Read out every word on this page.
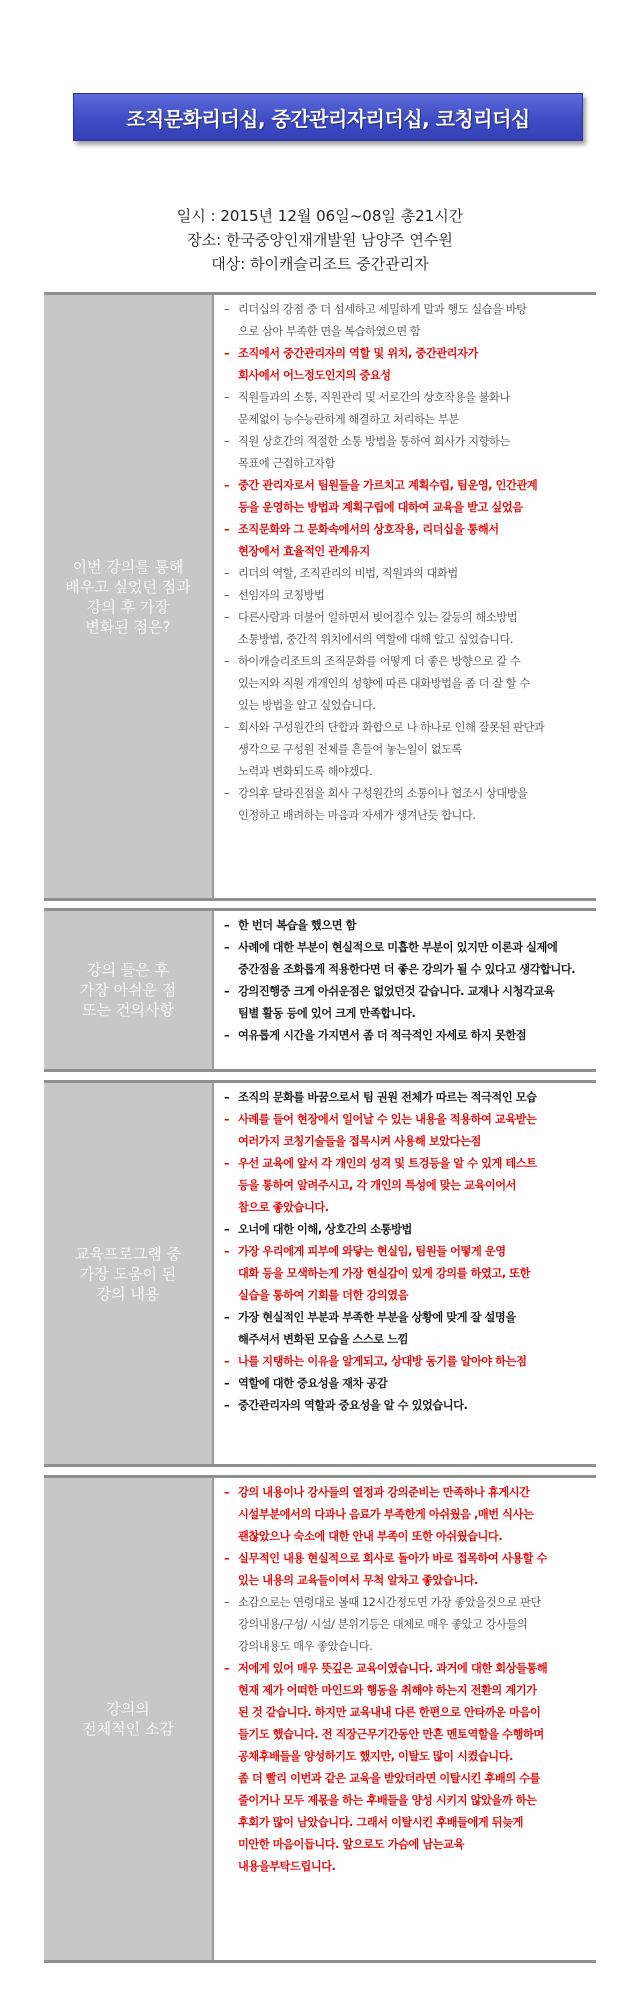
조직문화리더십, 중간관리자리더십, 코칭리더십
일시 : 2015년 12월 06일~08일 총21시간
장소: 한국중앙인재개발원 남양주 연수원
대상: 하이캐슬리조트 중간관리자
이번 강의를 통해
배우고 싶었던 점과
강의 후 가장
변화된 점은?
– 리더십의 강점 중 더 섬세하고 세밀하게 말과 행도 실습을 바탕
으로 삼아 부족한 면을 복습하였으면 함
– 조직에서 중간관리자의 역할 및 위치, 중간관리자가
회사에서 어느정도인지의 중요성
– 직원들과의 소통, 직원관리 및 서로간의 상호작용을 불화나
문제없이 능수능란하게 해결하고 처리하는 부분
– 직원 상호간의 적절한 소통 방법을 통하여 회사가 지향하는
목표에 근접하고자함
– 중간 관리자로서 팀원들을 가르치고 계획수립, 팀운영, 인간관계
등을 운영하는 방법과 계획구립에 대하여 교육을 받고 싶었음
– 조직문화와 그 문화속에서의 상호작용, 리더십을 통해서
현장에서 효율적인 관계유지
– 리더의 역할, 조직관리의 비법, 직원과의 대화법
– 선임자의 코칭방법
– 다른사람과 더불어 일하면서 빚어질수 있는 갈등의 해소방법
소통방법, 중간적 위치에서의 역할에 대해 알고 싶었습니다.
– 하이캐슬리조트의 조직문화를 어떻게 더 좋은 방향으로 갈 수
있는지와 직원 개개인의 성향에 따른 대화방법을 좀 더 잘 할 수
있는 방법을 알고 싶었습니다.
– 회사와 구성원간의 단합과 화합으로 나 하나로 인해 잘못된 판단과
생각으로 구성원 전체를 흔들어 놓는일이 없도록
노력과 변화되도록 해야겠다.
– 강의후 달라진점을 회사 구성원간의 소통이나 협조시 상대방을
인정하고 배려하는 마음과 자세가 생겨난듯 합니다.
강의 들은 후
가장 아쉬운 점
또는 건의사항
– 한 번더 복습을 했으면 함
– 사례에 대한 부분이 현실적으로 미흡한 부분이 있지만 이론과 실제에
중간점을 조화롭게 적용한다면 더 좋은 강의가 될 수 있다고 생각합니다.
– 강의진행중 크게 아쉬운점은 없었던것 같습니다. 교재나 시청각교육
팀별 활동 등에 있어 크게 만족합니다.
– 여유롭게 시간을 가지면서 좀 더 적극적인 자세로 하지 못한점
교육프로그램 중
가장 도움이 된
강의 내용
– 조직의 문화를 바꿈으로서 팀 권원 전체가 따르는 적극적인 모습
– 사례를 들어 현장에서 일어날 수 있는 내용을 적용하여 교육받는
여러가지 코칭기술들을 접목시켜 사용해 보았다는점
– 우선 교육에 앞서 각 개인의 성격 및 트겅등을 알 수 있게 테스트
등을 통하여 알려주시고, 각 개인의 특성에 맞는 교육이어서
참으로 좋았습니다.
– 오너에 대한 이해, 상호간의 소통방법
– 가장 우리에게 피부에 와닿는 현실임, 팀원들 어떻게 운영
대화 등을 모색하는게 가장 현실감이 있게 강의를 하였고, 또한
실습을 통하여 기회를 더한 강의였음
– 가장 현실적인 부분과 부족한 부분을 상황에 맞게 잘 설명을
해주셔서 변화된 모습을 스스로 느낌
– 나를 지탱하는 이유을 알게되고, 상대방 동기를 알아야 하는점
– 역할에 대한 중요성을 재차 공감
– 중간관리자의 역할과 중요성을 알 수 있었습니다.
강의의
전체적인 소감
– 강의 내용이나 강사들의 열정과 강의준비는 만족하나 휴게시간
시설부분에서의 다과나 음료가 부족한게 아쉬웠음 ,매번 식사는
괜찮았으나 숙소에 대한 안내 부족이 또한 아쉬웠습니다.
– 실무적인 내용 현실적으로 회사로 돌아가 바로 접목하여 사용할 수
있는 내용의 교육들이여서 무척 알차고 좋았습니다.
– 소감으로는 연령대로 볼때 12시간정도면 가장 좋았을것으로 판단
강의내용/구성/ 시설/ 분위기등은 대체로 매우 좋았고 강사들의
강의내용도 매우 좋았습니다.
– 저에게 있어 매우 뜻깊은 교육이였습니다. 과거에 대한 회상들통해
현재 제가 어떠한 마인드와 행동을 취해야 하는지 전환의 계기가
된 것 같습니다. 하지만 교육내내 다른 한편으로 안타까운 마음이
들기도 했습니다. 전 직장근무기간동안 만흔 멘토역할을 수행하며
공채후배들을 양성하기도 했지만, 이탈도 많이 시켰습니다.
좀 더 빨리 이번과 같은 교육을 받았더라면 이탈시킨 후배의 수를
줄이거나 모두 제몫을 하는 후배들을 양성 시키지 않았을까 하는
후회가 많이 남았습니다. 그래서 이탈시킨 후배들에게 뒤늦게
미안한 마음이듭니다. 앞으로도 가슴에 남는교육
내용을부탁드립니다.
